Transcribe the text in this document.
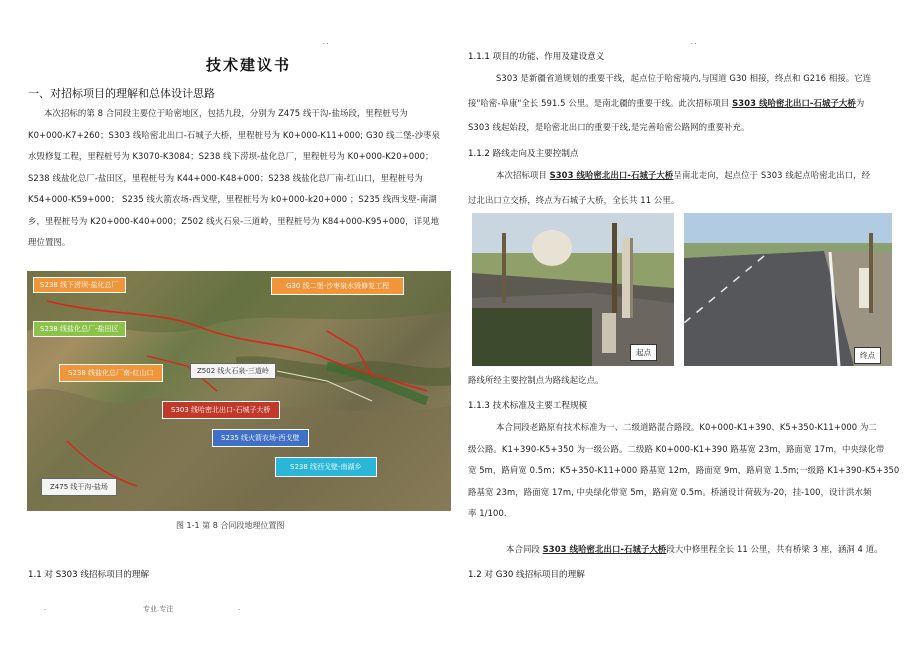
. .	. .
技术建议书
一、对招标项目的理解和总体设计思路
本次招标的第 8 合同段主要位于哈密地区，包括九段，分别为 Z475 线干沟-盐场段，里程桩号为
K0+000-K7+260；S303 线哈密北出口-石城子大桥，里程桩号为 K0+000-K11+000; G30 线二堡-沙枣泉
水毁修复工程，里程桩号为 K3070-K3084；S238 线下涝坝-盐化总厂，里程桩号为 K0+000-K20+000；
S238 线盐化总厂-盐田区，里程桩号为 K44+000-K48+000；S238 线盐化总厂南-红山口，里程桩号为
K54+000-K59+000； S235 线火箭农场-西戈壁，里程桩号为 k0+000-k20+000 ；S235 线西戈壁-南湖
乡，里程桩号为 K20+000-K40+000；Z502 线火石泉-三道岭，里程桩号为 K84+000-K95+000，详见地
理位置图。
S238 线下涝坝-盐化总厂	G30 线二堡-沙枣泉水毁修复工程
S238 线盐化总厂-盐田区
S238 线盐化总厂南-红山口	Z502 线火石泉-三道岭
S303 线哈密北出口-石城子大桥
S235 线火箭农场-西戈壁
S238 线西戈壁-南湖乡
Z475 线干沟-盐场
图 1-1 第 8 合同段地理位置图
1.1 对 S303 线招标项目的理解
.	专业.专注	.
1.1.1 项目的功能、作用及建设意义
S303 是新疆省道规划的重要干线，起点位于哈密境内,与国道 G30 相接，终点和 G216 相接。它连
接"哈密-阜康"全长 591.5 公里。是南北疆的重要干线。此次招标项目 S303 线哈密北出口-石城子大桥为
S303 线起始段，是哈密北出口的重要干线,是完善哈密公路网的重要补充。
1.1.2 路线走向及主要控制点
本次招标项目 S303 线哈密北出口-石城子大桥呈南北走向，起点位于 S303 线起点哈密北出口，经
过北出口立交桥，终点为石城子大桥，全长共 11 公里。
起点	终点
路线所经主要控制点为路线起讫点。
1.1.3 技术标准及主要工程规模
本合同段老路原有技术标准为一、二级道路混合路段。K0+000-K1+390、K5+350-K11+000 为二
级公路。K1+390-K5+350 为一级公路。二级路 K0+000-K1+390 路基宽 23m，路面宽 17m，中央绿化带
宽 5m，路肩宽 0.5m；K5+350-K11+000 路基宽 12m，路面宽 9m，路肩宽 1.5m;一级路 K1+390-K5+350
路基宽 23m，路面宽 17m, 中央绿化带宽 5m，路肩宽 0.5m。桥涵设计荷载为-20，挂-100，设计洪水频
率 1/100.
本合同段 S303 线哈密北出口-石城子大桥段大中修里程全长 11 公里，共有桥梁 3 座，涵洞 4 道。
1.2 对 G30 线招标项目的理解
